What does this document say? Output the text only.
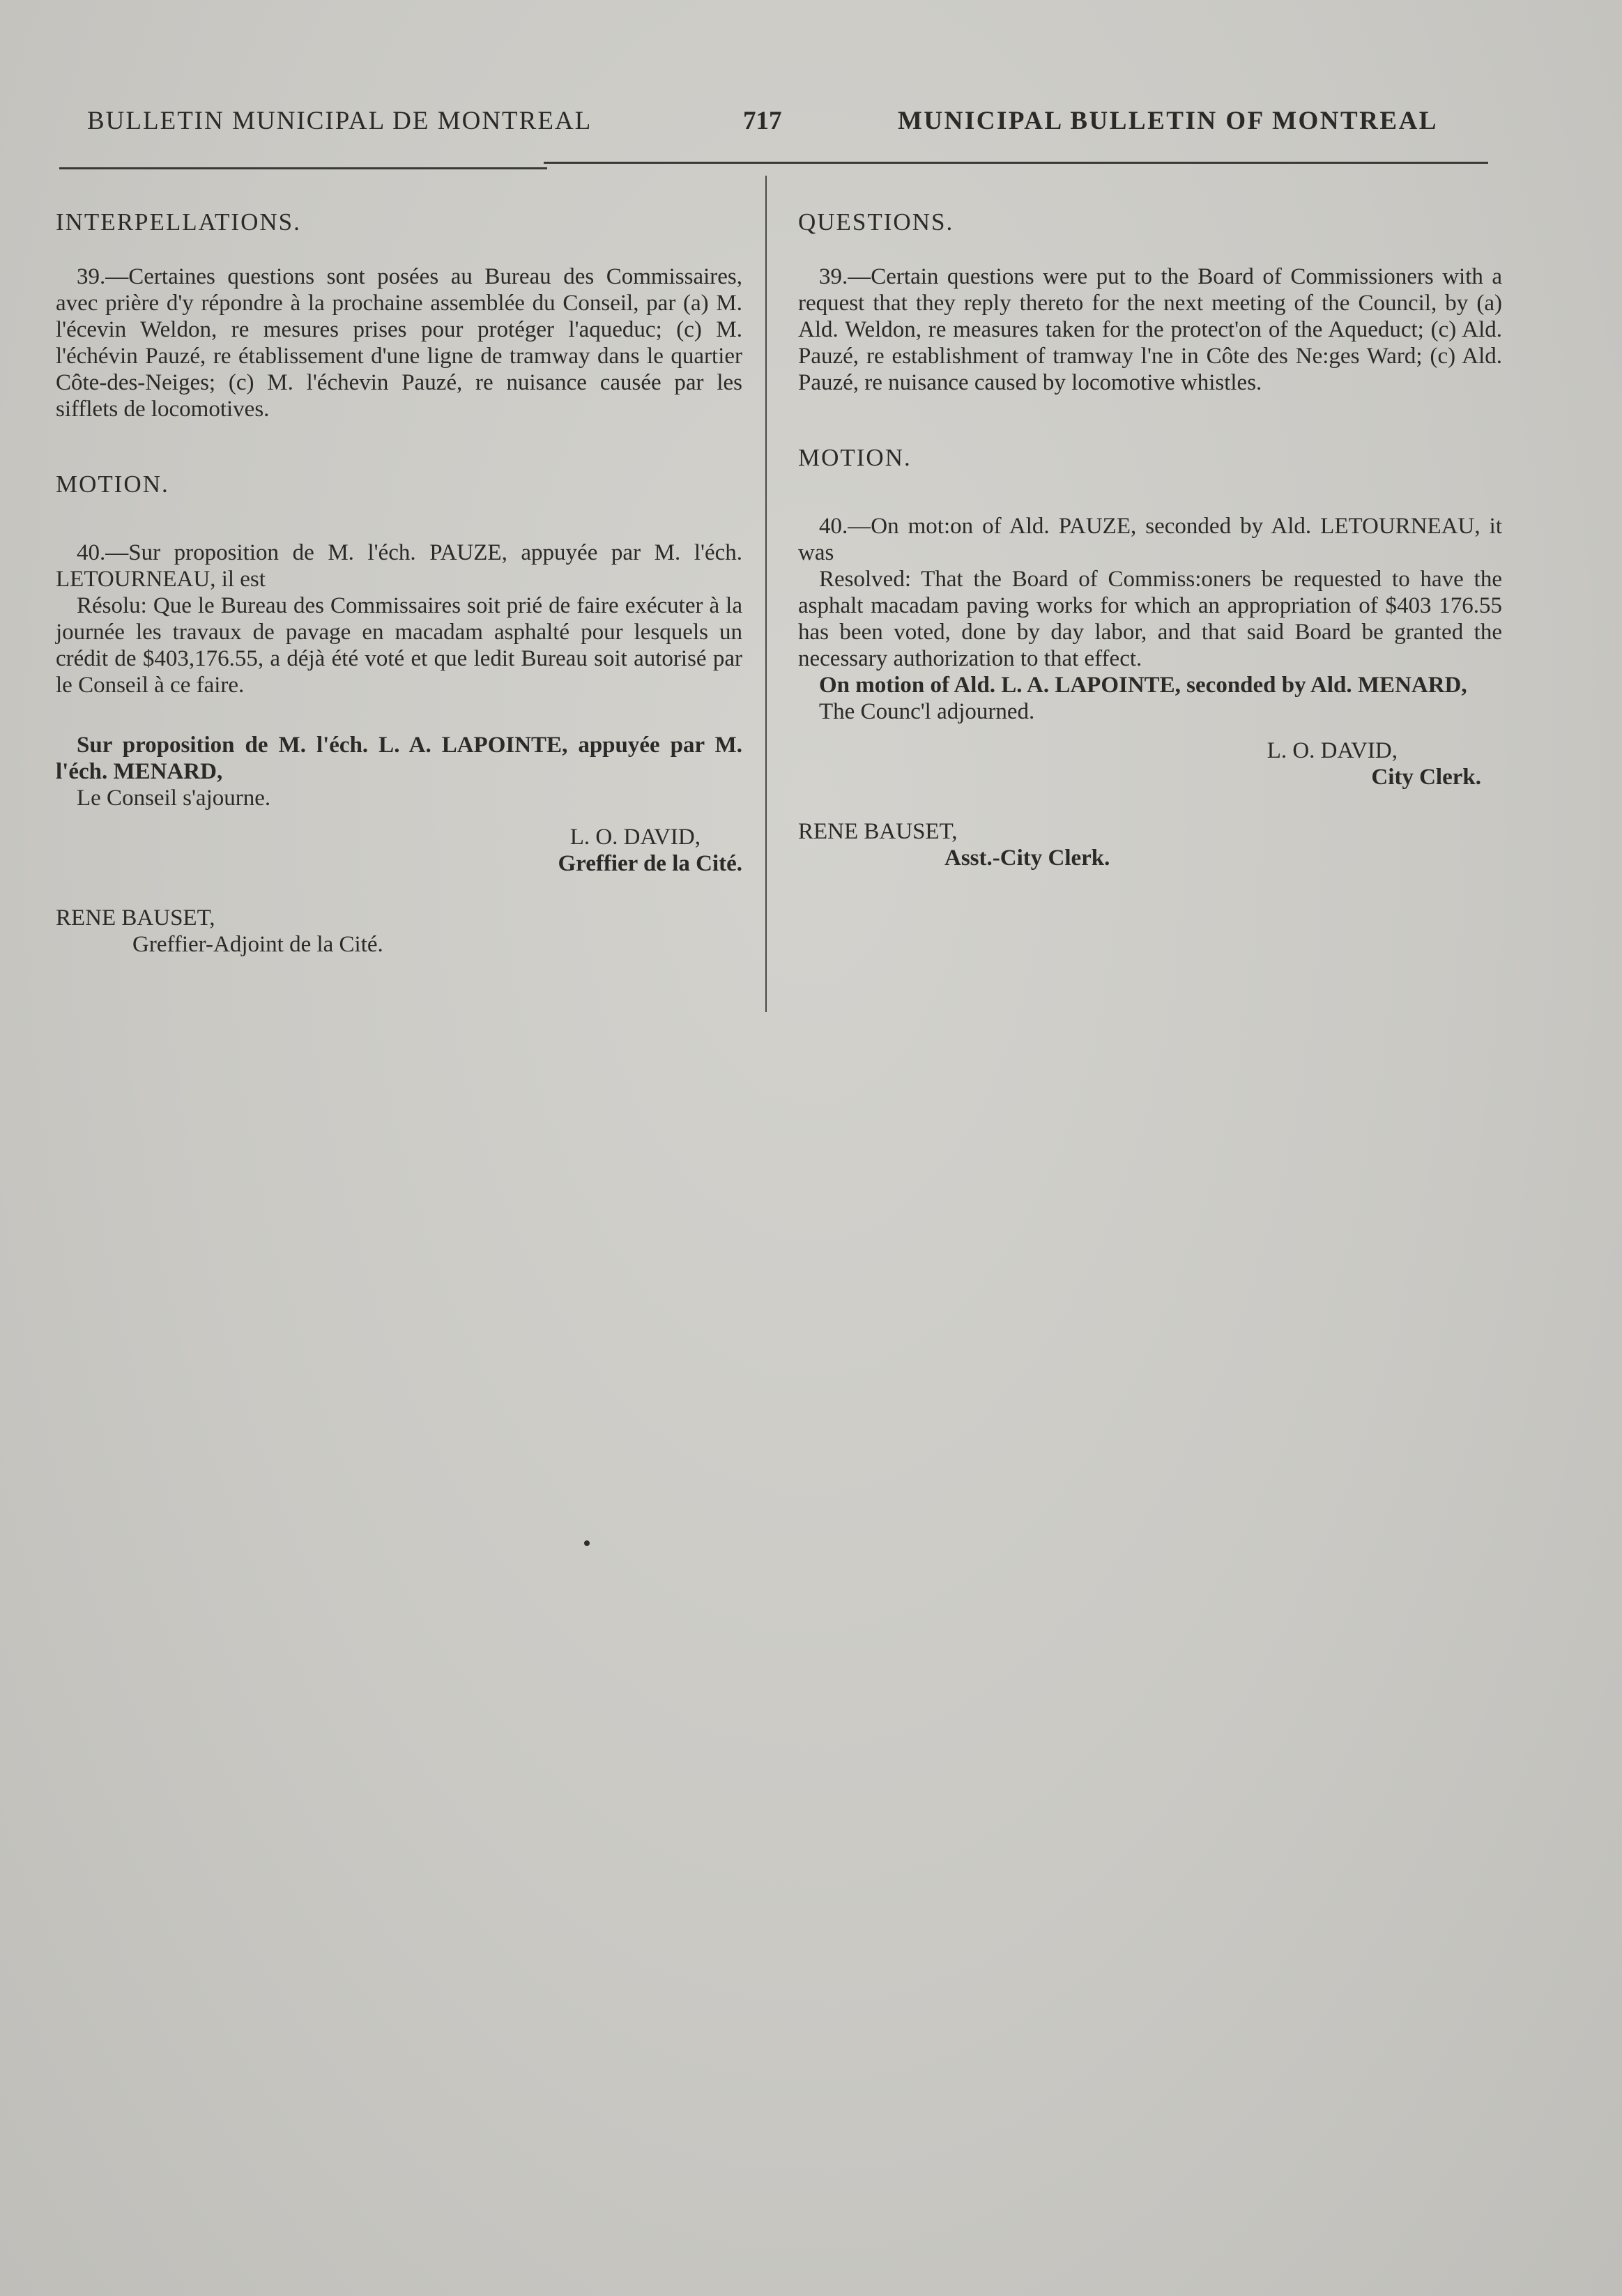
BULLETIN MUNICIPAL DE MONTREAL	717	MUNICIPAL BULLETIN OF MONTREAL

INTERPELLATIONS.

39.—Certaines questions sont posées au Bureau des Commissaires, avec prière d'y répondre à la prochaine assemblée du Conseil, par (a) M. l'écevin Weldon, re mesures prises pour protéger l'aqueduc; (c) M. l'échévin Pauzé, re établissement d'une ligne de tramway dans le quartier Côte-des-Neiges; (c) M. l'échevin Pauzé, re nuisance causée par les sifflets de locomotives.

MOTION.

40.—Sur proposition de M. l'éch. PAUZE, appuyée par M. l'éch. LETOURNEAU, il est

Résolu: Que le Bureau des Commissaires soit prié de faire exécuter à la journée les travaux de pavage en macadam asphalté pour lesquels un crédit de $403,176.55, a déjà été voté et que ledit Bureau soit autorisé par le Conseil à ce faire.

Sur proposition de M. l'éch. L. A. LAPOINTE, appuyée par M. l'éch. MENARD,

Le Conseil s'ajourne.

L. O. DAVID,

Greffier de la Cité.

RENE BAUSET,

Greffier-Adjoint de la Cité.

QUESTIONS.

39.—Certain questions were put to the Board of Commissioners with a request that they reply thereto for the next meeting of the Council, by (a) Ald. Weldon, re measures taken for the protect'on of the Aqueduct; (c) Ald. Pauzé, re establishment of tramway l'ne in Côte des Ne:ges Ward; (c) Ald. Pauzé, re nuisance caused by locomotive whistles.

MOTION.

40.—On mot:on of Ald. PAUZE, seconded by Ald. LETOURNEAU, it was

Resolved: That the Board of Commiss:oners be requested to have the asphalt macadam paving works for which an appropriation of $403 176.55 has been voted, done by day labor, and that said Board be granted the necessary authorization to that effect.

On motion of Ald. L. A. LAPOINTE, seconded by Ald. MENARD,

The Counc'l adjourned.

L. O. DAVID,

City Clerk.

RENE BAUSET,

Asst.-City Clerk.
